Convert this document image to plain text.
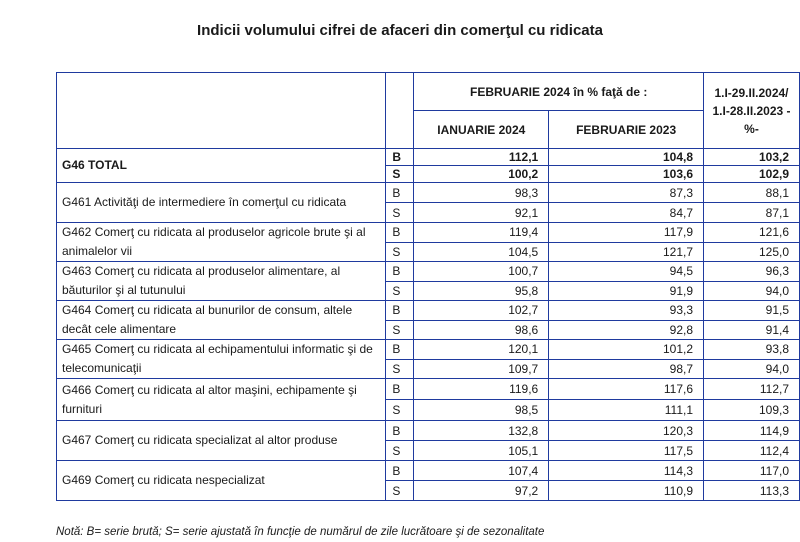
Indicii volumului cifrei de afaceri din comerţul cu ridicata
		FEBRUARIE 2024 în % faţă de :		1.I-29.II.2024/ 1.I-28.II.2023 -%-
		IANUARIE 2024	FEBRUARIE 2023	
G46 TOTAL	B	112,1	104,8	103,2
	S	100,2	103,6	102,9
G461 Activităţi de intermediere în comerţul cu ridicata	B	98,3	87,3	88,1
	S	92,1	84,7	87,1
G462 Comerţ cu ridicata al produselor agricole brute şi al animalelor vii	B	119,4	117,9	121,6
	S	104,5	121,7	125,0
G463 Comerţ cu ridicata al produselor alimentare, al băuturilor şi al tutunului	B	100,7	94,5	96,3
	S	95,8	91,9	94,0
G464 Comerţ cu ridicata al bunurilor de consum, altele decât cele alimentare	B	102,7	93,3	91,5
	S	98,6	92,8	91,4
G465 Comerţ cu ridicata al echipamentului informatic şi de telecomunicaţii	B	120,1	101,2	93,8
	S	109,7	98,7	94,0
G466 Comerţ cu ridicata al altor maşini, echipamente şi furnituri	B	119,6	117,6	112,7
	S	98,5	111,1	109,3
G467 Comerţ cu ridicata specializat al altor produse	B	132,8	120,3	114,9
	S	105,1	117,5	112,4
G469 Comerţ cu ridicata nespecializat	B	107,4	114,3	117,0
	S	97,2	110,9	113,3
Notă: B= serie brută; S= serie ajustată în funcţie de numărul de zile lucrătoare şi de sezonalitate
